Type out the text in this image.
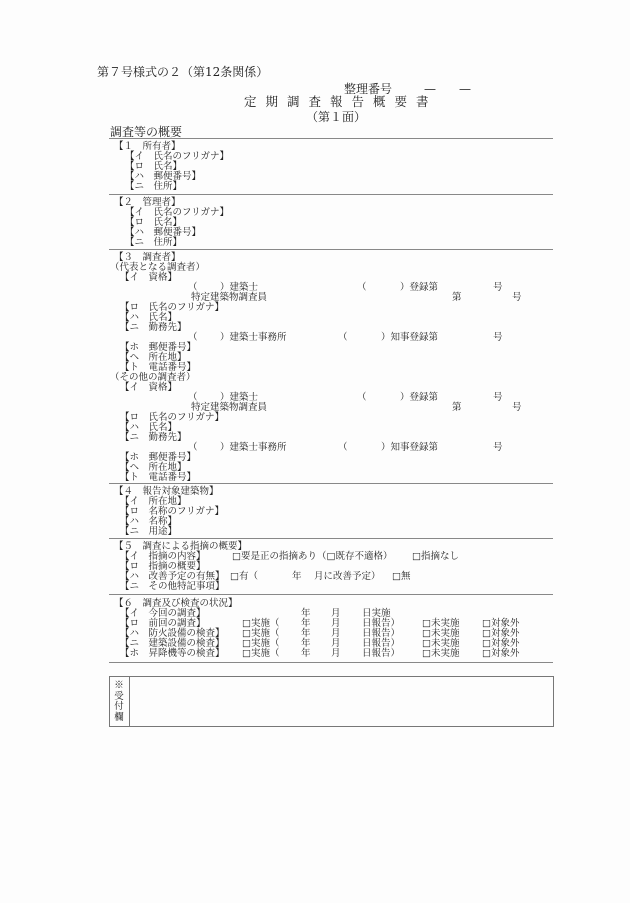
第７号様式の２（第12条関係）
整理番号	— —
定期調査報告概要書
（第１面）
調査等の概要
【１　所有者】
【イ　氏名のフリガナ】
【ロ　氏名】
【ハ　郵便番号】
【ニ　住所】
【２　管理者】
【イ　氏名のフリガナ】
【ロ　氏名】
【ハ　郵便番号】
【ニ　住所】
【３　調査者】
（代表となる調査者）
【イ　資格】
（ ）建築士	（	）登録第	号
特定建築物調査員	第	号
【ロ　氏名のフリガナ】
【ハ　氏名】
【ニ　勤務先】
（ ）建築士事務所	（	）知事登録第	号
【ホ　郵便番号】
【ヘ　所在地】
【ト　電話番号】
（その他の調査者）
【イ　資格】
（ ）建築士	（	）登録第	号
特定建築物調査員	第	号
【ロ　氏名のフリガナ】
【ハ　氏名】
【ニ　勤務先】
（ ）建築士事務所	（	）知事登録第	号
【ホ　郵便番号】
【ヘ　所在地】
【ト　電話番号】
【４　報告対象建築物】
【イ　所在地】
【ロ　名称のフリガナ】
【ハ　名称】
【ニ　用途】
【５　調査による指摘の概要】
【イ　指摘の内容】	□要是正の指摘あり（□既存不適格） □指摘なし
【ロ　指摘の概要】
【ハ　改善予定の有無】 □有（	年 月に改善予定） □無
【ニ　その他特記事項】
【６　調査及び検査の状況】
【イ　今回の調査】	年 月 日実施
【ロ　前回の調査】	□実施（ 年 月 日報告） □未実施 □対象外
【ハ　防火設備の検査】 □実施（ 年 月 日報告） □未実施 □対象外
【ニ　建築設備の検査】 □実施（ 年 月 日報告） □未実施 □対象外
【ホ　昇降機等の検査】 □実施（ 年 月 日報告） □未実施 □対象外
※受付欄
